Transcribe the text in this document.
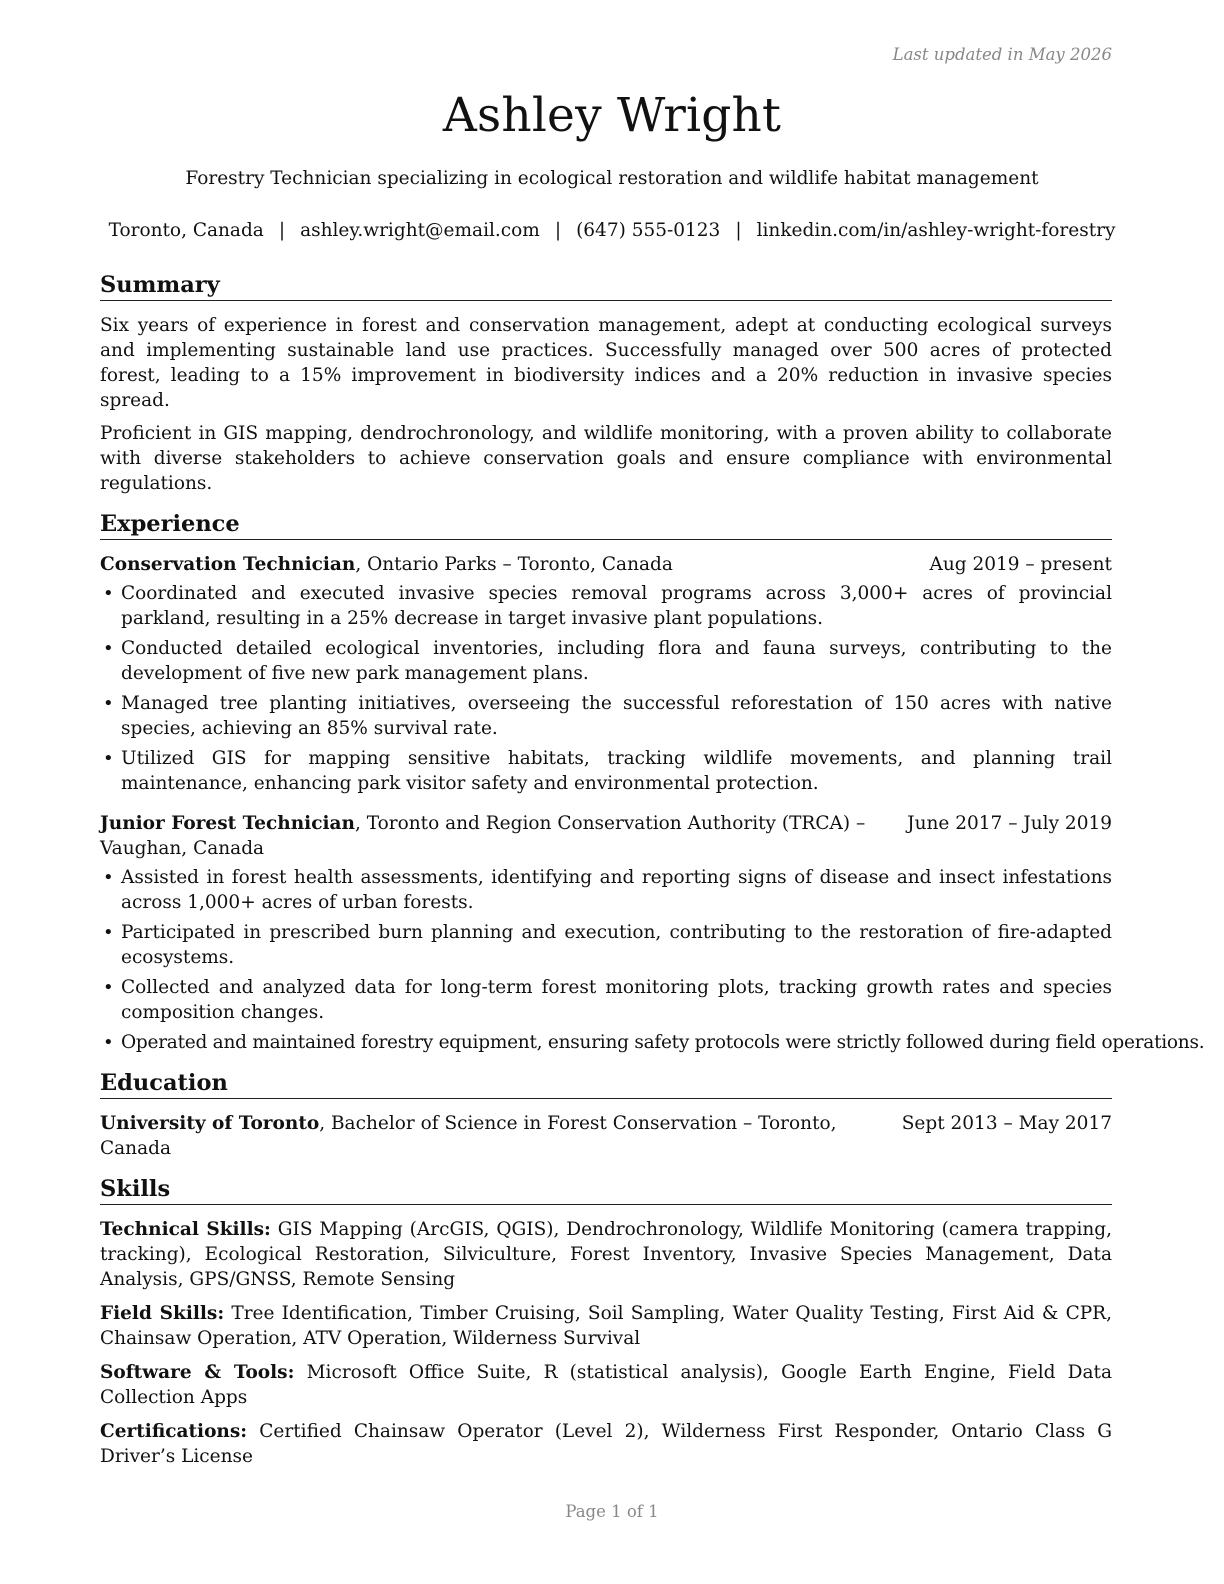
Last updated in May 2026
Ashley Wright
Forestry Technician specializing in ecological restoration and wildlife habitat management
Toronto, Canada | ashley.wright@email.com | (647) 555-0123 | linkedin.com/in/ashley-wright-forestry
Summary

Six years of experience in forest and conservation management, adept at conducting ecological surveys and implementing sustainable land use practices. Successfully managed over 500 acres of protected forest, leading to a 15% improvement in biodiversity indices and a 20% reduction in invasive species spread.

Proficient in GIS mapping, dendrochronology, and wildlife monitoring, with a proven ability to collaborate with diverse stakeholders to achieve conservation goals and ensure compliance with environmental regulations.

Experience
Conservation Technician, Ontario Parks – Toronto, Canada	Aug 2019 – present
• Coordinated and executed invasive species removal programs across 3,000+ acres of provincial parkland, resulting in a 25% decrease in target invasive plant populations.
• Conducted detailed ecological inventories, including flora and fauna surveys, contributing to the development of five new park management plans.
• Managed tree planting initiatives, overseeing the successful reforestation of 150 acres with native species, achieving an 85% survival rate.
• Utilized GIS for mapping sensitive habitats, tracking wildlife movements, and planning trail maintenance, enhancing park visitor safety and environmental protection.
Junior Forest Technician, Toronto and Region Conservation Authority (TRCA) – Vaughan, Canada
June 2017 – July 2019
• Assisted in forest health assessments, identifying and reporting signs of disease and insect infestations across 1,000+ acres of urban forests.
• Participated in prescribed burn planning and execution, contributing to the restoration of fire-adapted ecosystems.
• Collected and analyzed data for long-term forest monitoring plots, tracking growth rates and species composition changes.
• Operated and maintained forestry equipment, ensuring safety protocols were strictly followed during field operations.
Education
University of Toronto, Bachelor of Science in Forest Conservation – Toronto, Canada
Sept 2013 – May 2017
Skills

Technical Skills: GIS Mapping (ArcGIS, QGIS), Dendrochronology, Wildlife Monitoring (camera trapping, tracking), Ecological Restoration, Silviculture, Forest Inventory, Invasive Species Management, Data Analysis, GPS/GNSS, Remote Sensing

Field Skills: Tree Identification, Timber Cruising, Soil Sampling, Water Quality Testing, First Aid & CPR, Chainsaw Operation, ATV Operation, Wilderness Survival

Software & Tools: Microsoft Office Suite, R (statistical analysis), Google Earth Engine, Field Data Collection Apps

Certifications: Certified Chainsaw Operator (Level 2), Wilderness First Responder, Ontario Class G Driver’s License

Page 1 of 1
